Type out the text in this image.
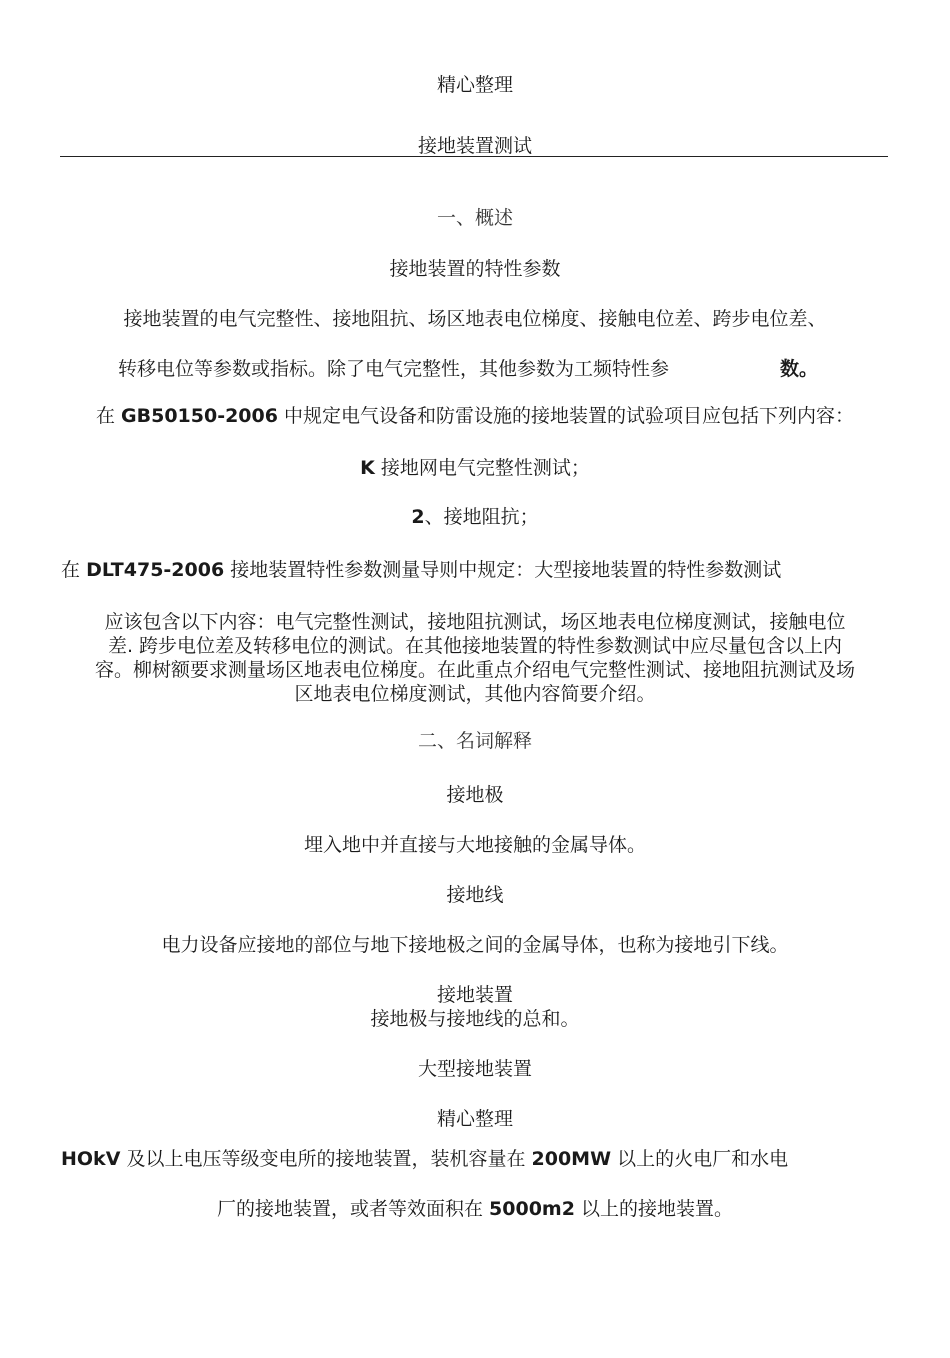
精心整理
接地装置测试
一、概述
接地装置的特性参数
接地装置的电气完整性、接地阻抗、场区地表电位梯度、接触电位差、跨步电位差、
转移电位等参数或指标。除了电气完整性，其他参数为工频特性参	数。
在 GB50150-2006 中规定电气设备和防雷设施的接地装置的试验项目应包括下列内容：
K 接地网电气完整性测试；
2、接地阻抗；
在 DLT475-2006 接地装置特性参数测量导则中规定：大型接地装置的特性参数测试
应该包含以下内容：电气完整性测试，接地阻抗测试，场区地表电位梯度测试，接触电位差. 跨步电位差及转移电位的测试。在其他接地装置的特性参数测试中应尽量包含以上内容。柳树额要求测量场区地表电位梯度。在此重点介绍电气完整性测试、接地阻抗测试及场区地表电位梯度测试，其他内容简要介绍。
二、名词解释
接地极
埋入地中并直接与大地接触的金属导体。
接地线
电力设备应接地的部位与地下接地极之间的金属导体，也称为接地引下线。
接地装置
接地极与接地线的总和。
大型接地装置
精心整理
HOkV 及以上电压等级变电所的接地装置，装机容量在 200MW 以上的火电厂和水电
厂的接地装置，或者等效面积在 5000m2 以上的接地装置。
